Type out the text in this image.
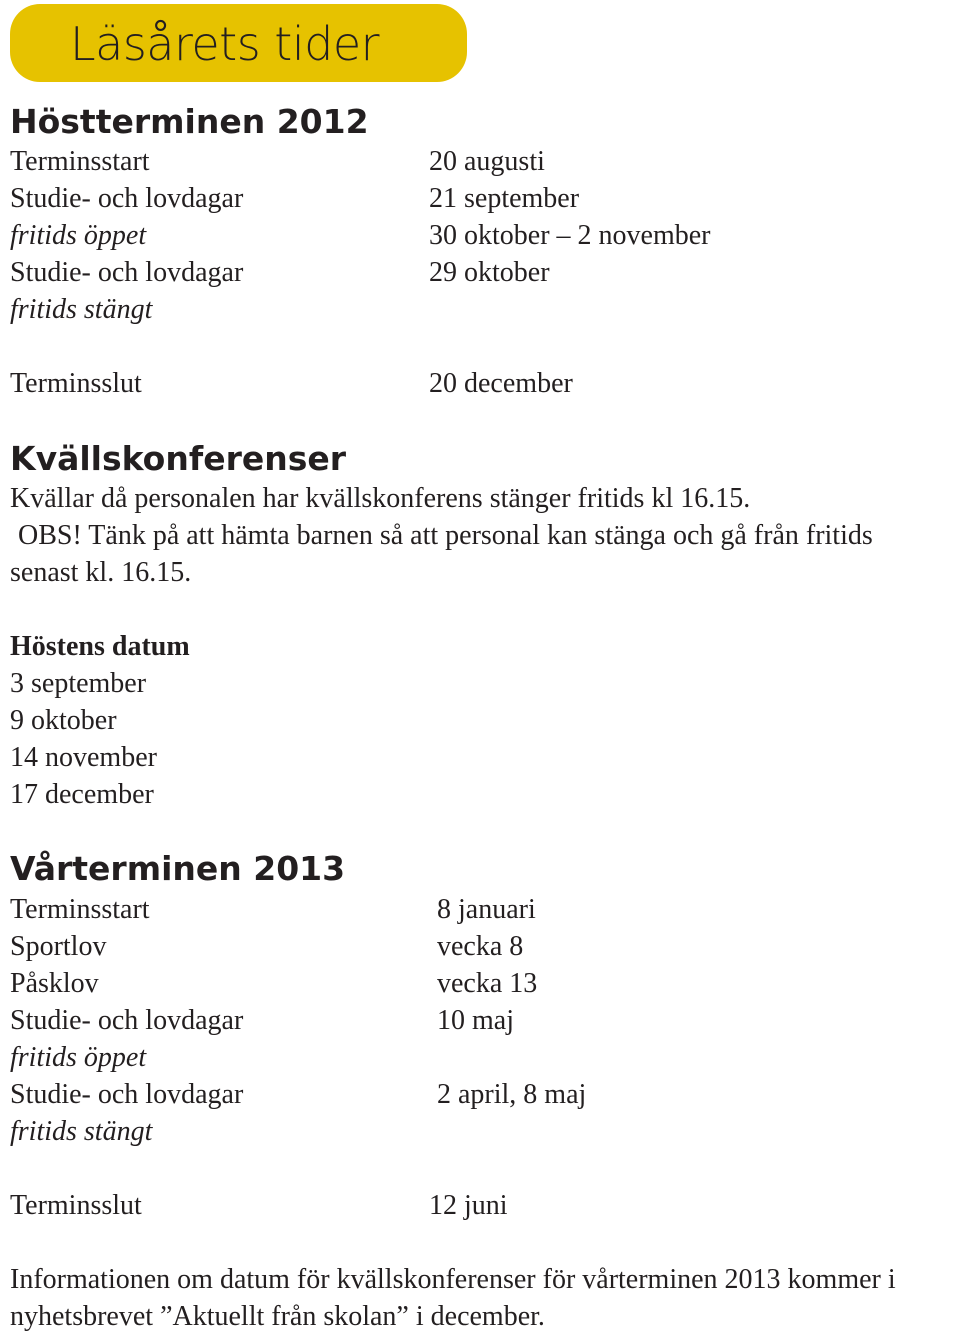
Läsårets tider
Höstterminen 2012
Terminsstart	20 augusti
Studie- och lovdagar	21 september
fritids öppet	30 oktober – 2 november
Studie- och lovdagar	29 oktober
fritids stängt
Terminsslut	20 december
Kvällskonferenser
Kvällar då personalen har kvällskonferens stänger fritids kl 16.15.
OBS! Tänk på att hämta barnen så att personal kan stänga och gå från fritids
senast kl. 16.15.
Höstens datum
3 september
9 oktober
14 november
17 december
Vårterminen 2013
Terminsstart	8 januari
Sportlov	vecka 8
Påsklov	vecka 13
Studie- och lovdagar	10 maj
fritids öppet
Studie- och lovdagar	2 april, 8 maj
fritids stängt
Terminsslut	12 juni
Informationen om datum för kvällskonferenser för vårterminen 2013 kommer i
nyhetsbrevet ”Aktuellt från skolan” i december.
